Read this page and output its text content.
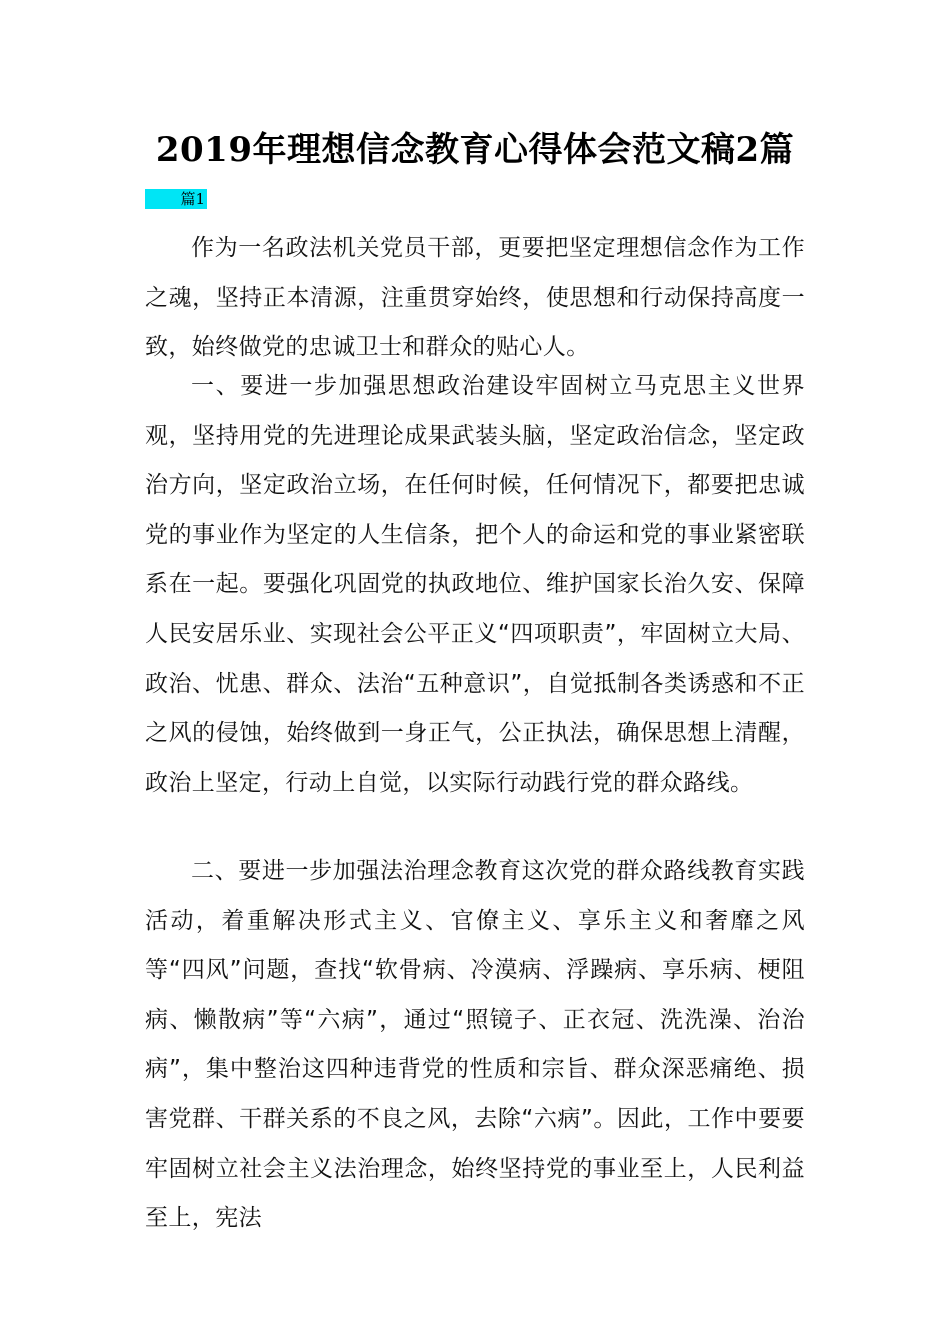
2019年理想信念教育心得体会范文稿2篇
篇1

作为一名政法机关党员干部，更要把坚定理想信念作为工作之魂，坚持正本清源，注重贯穿始终，使思想和行动保持高度一致，始终做党的忠诚卫士和群众的贴心人。

一、要进一步加强思想政治建设牢固树立马克思主义世界观，坚持用党的先进理论成果武装头脑，坚定政治信念，坚定政治方向，坚定政治立场，在任何时候，任何情况下，都要把忠诚党的事业作为坚定的人生信条，把个人的命运和党的事业紧密联系在一起。要强化巩固党的执政地位、维护国家长治久安、保障人民安居乐业、实现社会公平正义“四项职责”，牢固树立大局、政治、忧患、群众、法治“五种意识”，自觉抵制各类诱惑和不正之风的侵蚀，始终做到一身正气，公正执法，确保思想上清醒，政治上坚定，行动上自觉，以实际行动践行党的群众路线。

二、要进一步加强法治理念教育这次党的群众路线教育实践活动，着重解决形式主义、官僚主义、享乐主义和奢靡之风等“四风”问题，查找“软骨病、冷漠病、浮躁病、享乐病、梗阻病、懒散病”等“六病”，通过“照镜子、正衣冠、洗洗澡、治治病”，集中整治这四种违背党的性质和宗旨、群众深恶痛绝、损害党群、干群关系的不良之风，去除“六病”。因此，工作中要要牢固树立社会主义法治理念，始终坚持党的事业至上，人民利益至上，宪法
